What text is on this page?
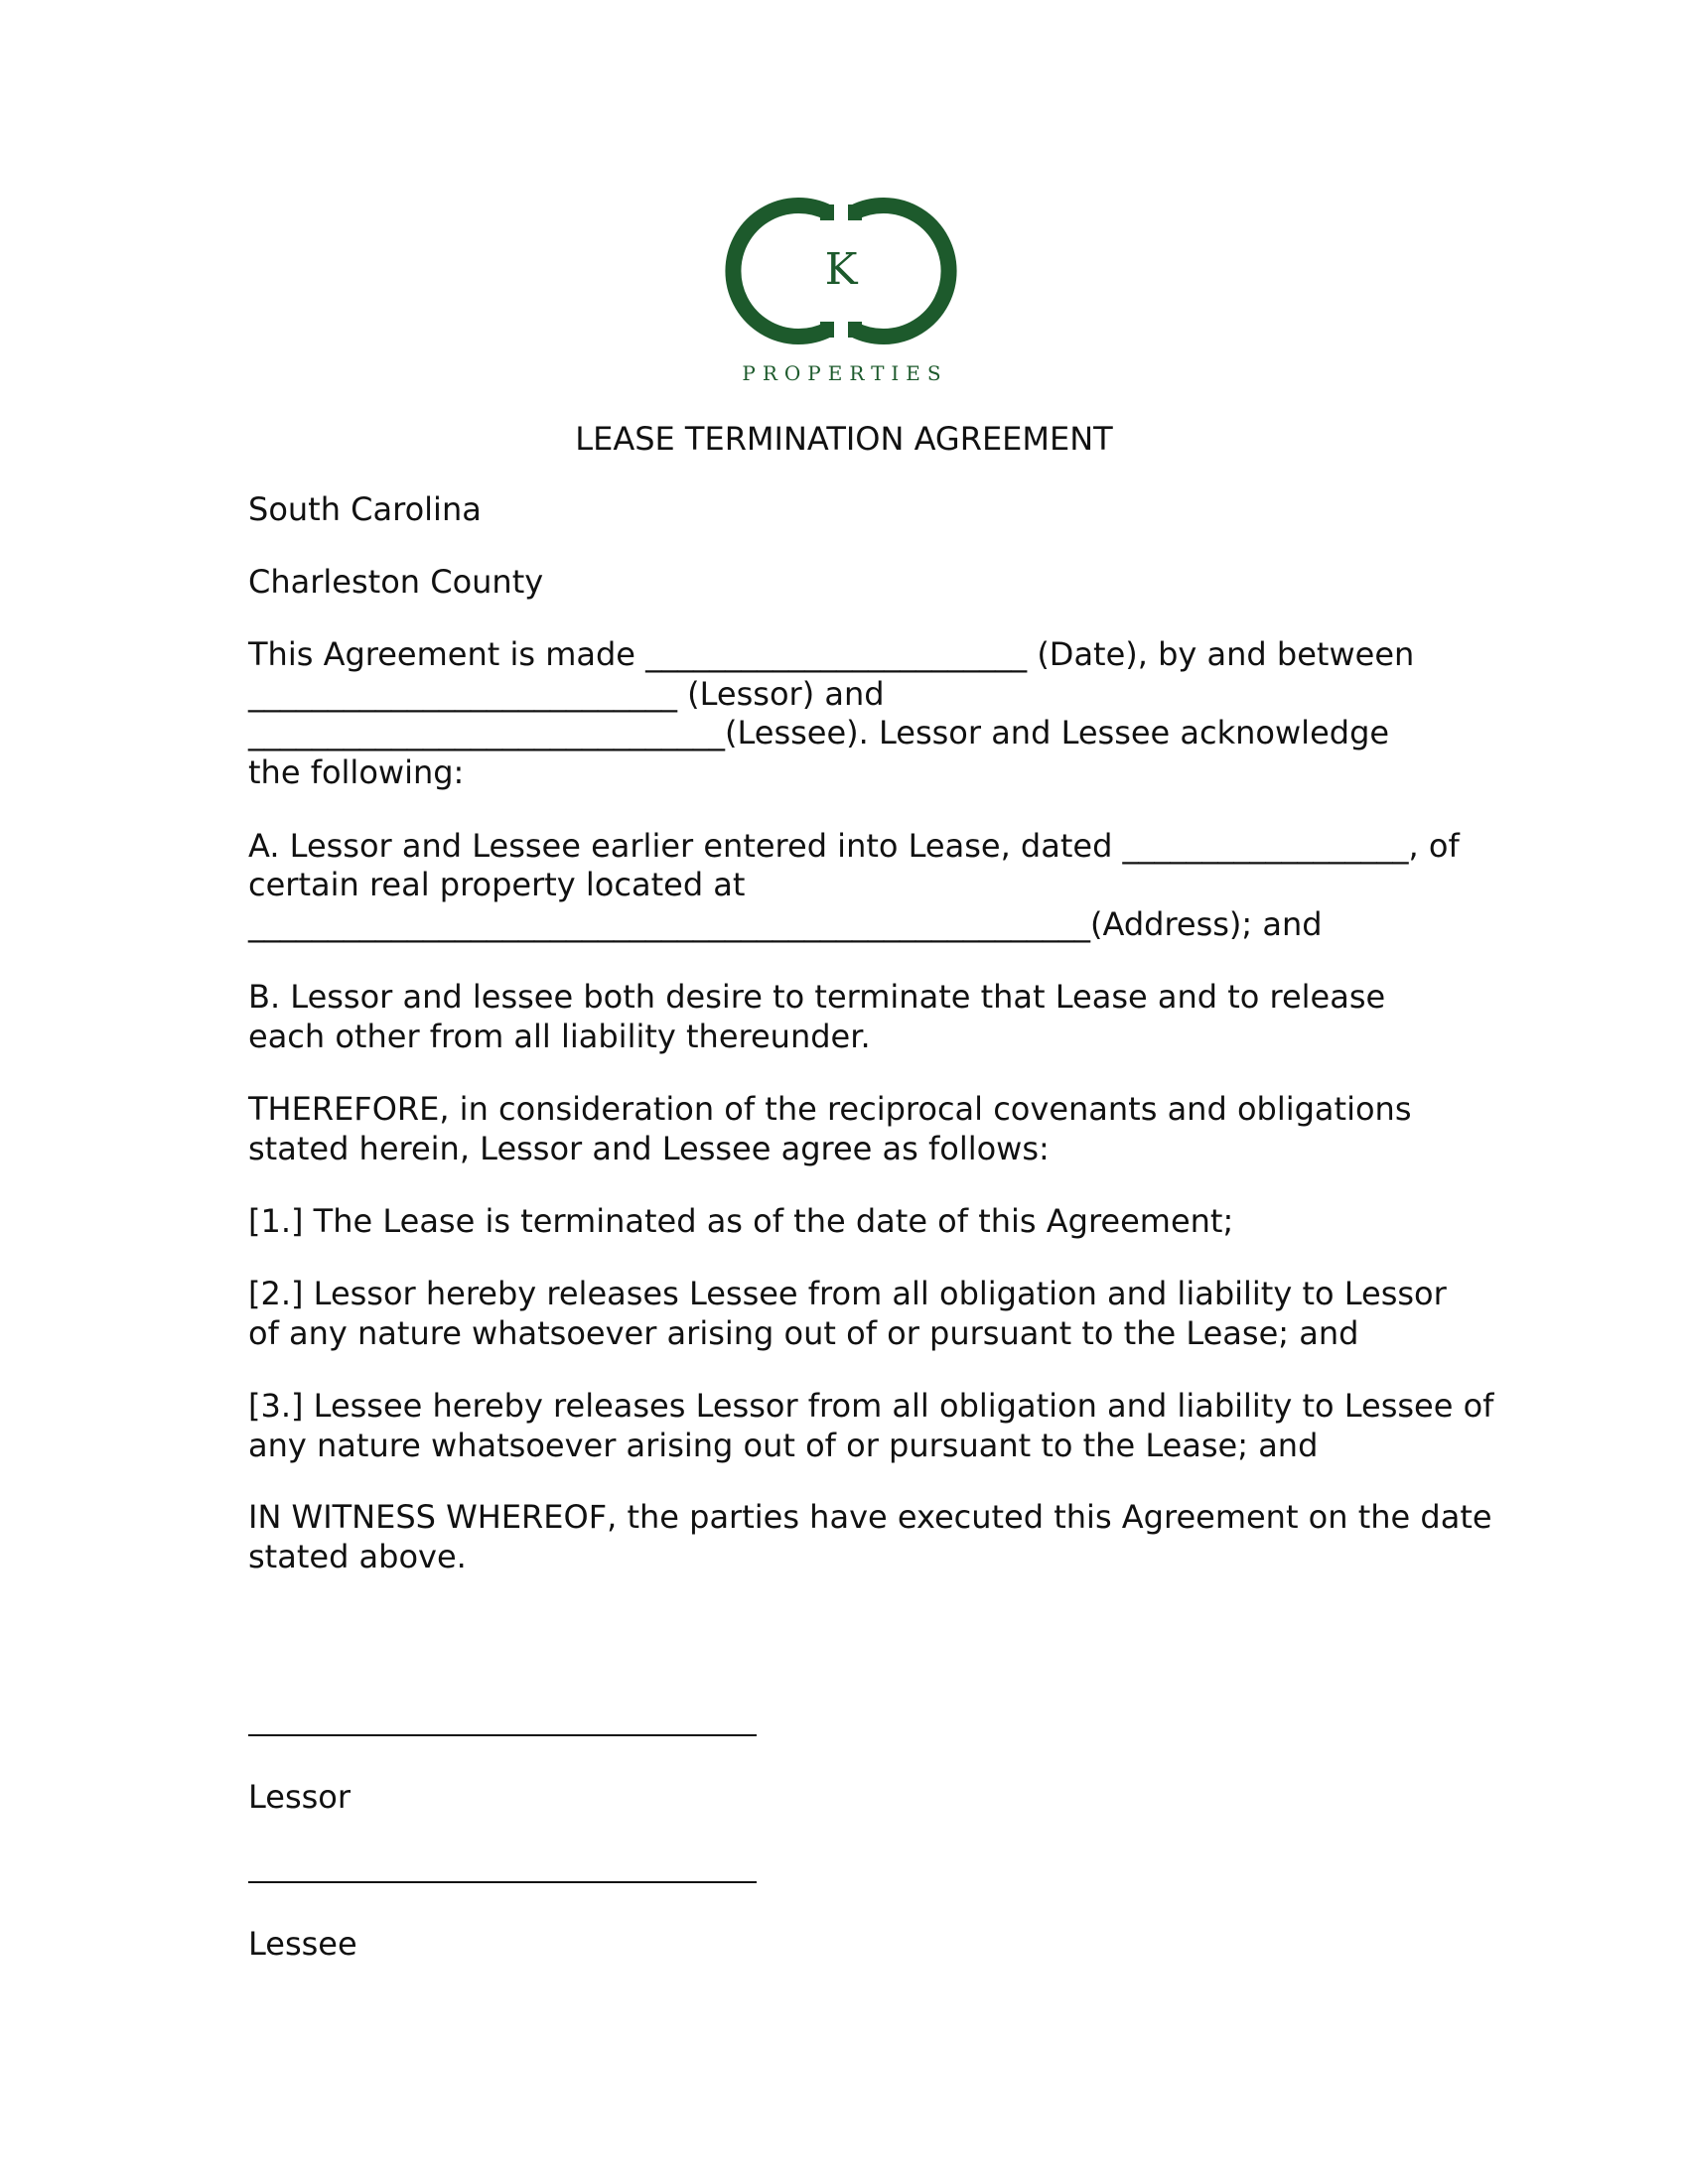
K
PROPERTIES
LEASE TERMINATION AGREEMENT
South Carolina
Charleston County
This Agreement is made ________________________ (Date), by and between
___________________________ (Lessor) and
______________________________(Lessee). Lessor and Lessee acknowledge
the following:
A. Lessor and Lessee earlier entered into Lease, dated __________________, of
certain real property located at
_____________________________________________________(Address); and
B. Lessor and lessee both desire to terminate that Lease and to release
each other from all liability thereunder.
THEREFORE, in consideration of the reciprocal covenants and obligations
stated herein, Lessor and Lessee agree as follows:
[1.] The Lease is terminated as of the date of this Agreement;
[2.] Lessor hereby releases Lessee from all obligation and liability to Lessor
of any nature whatsoever arising out of or pursuant to the Lease; and
[3.] Lessee hereby releases Lessor from all obligation and liability to Lessee of
any nature whatsoever arising out of or pursuant to the Lease; and
IN WITNESS WHEREOF, the parties have executed this Agreement on the date
stated above.
Lessor
Lessee
